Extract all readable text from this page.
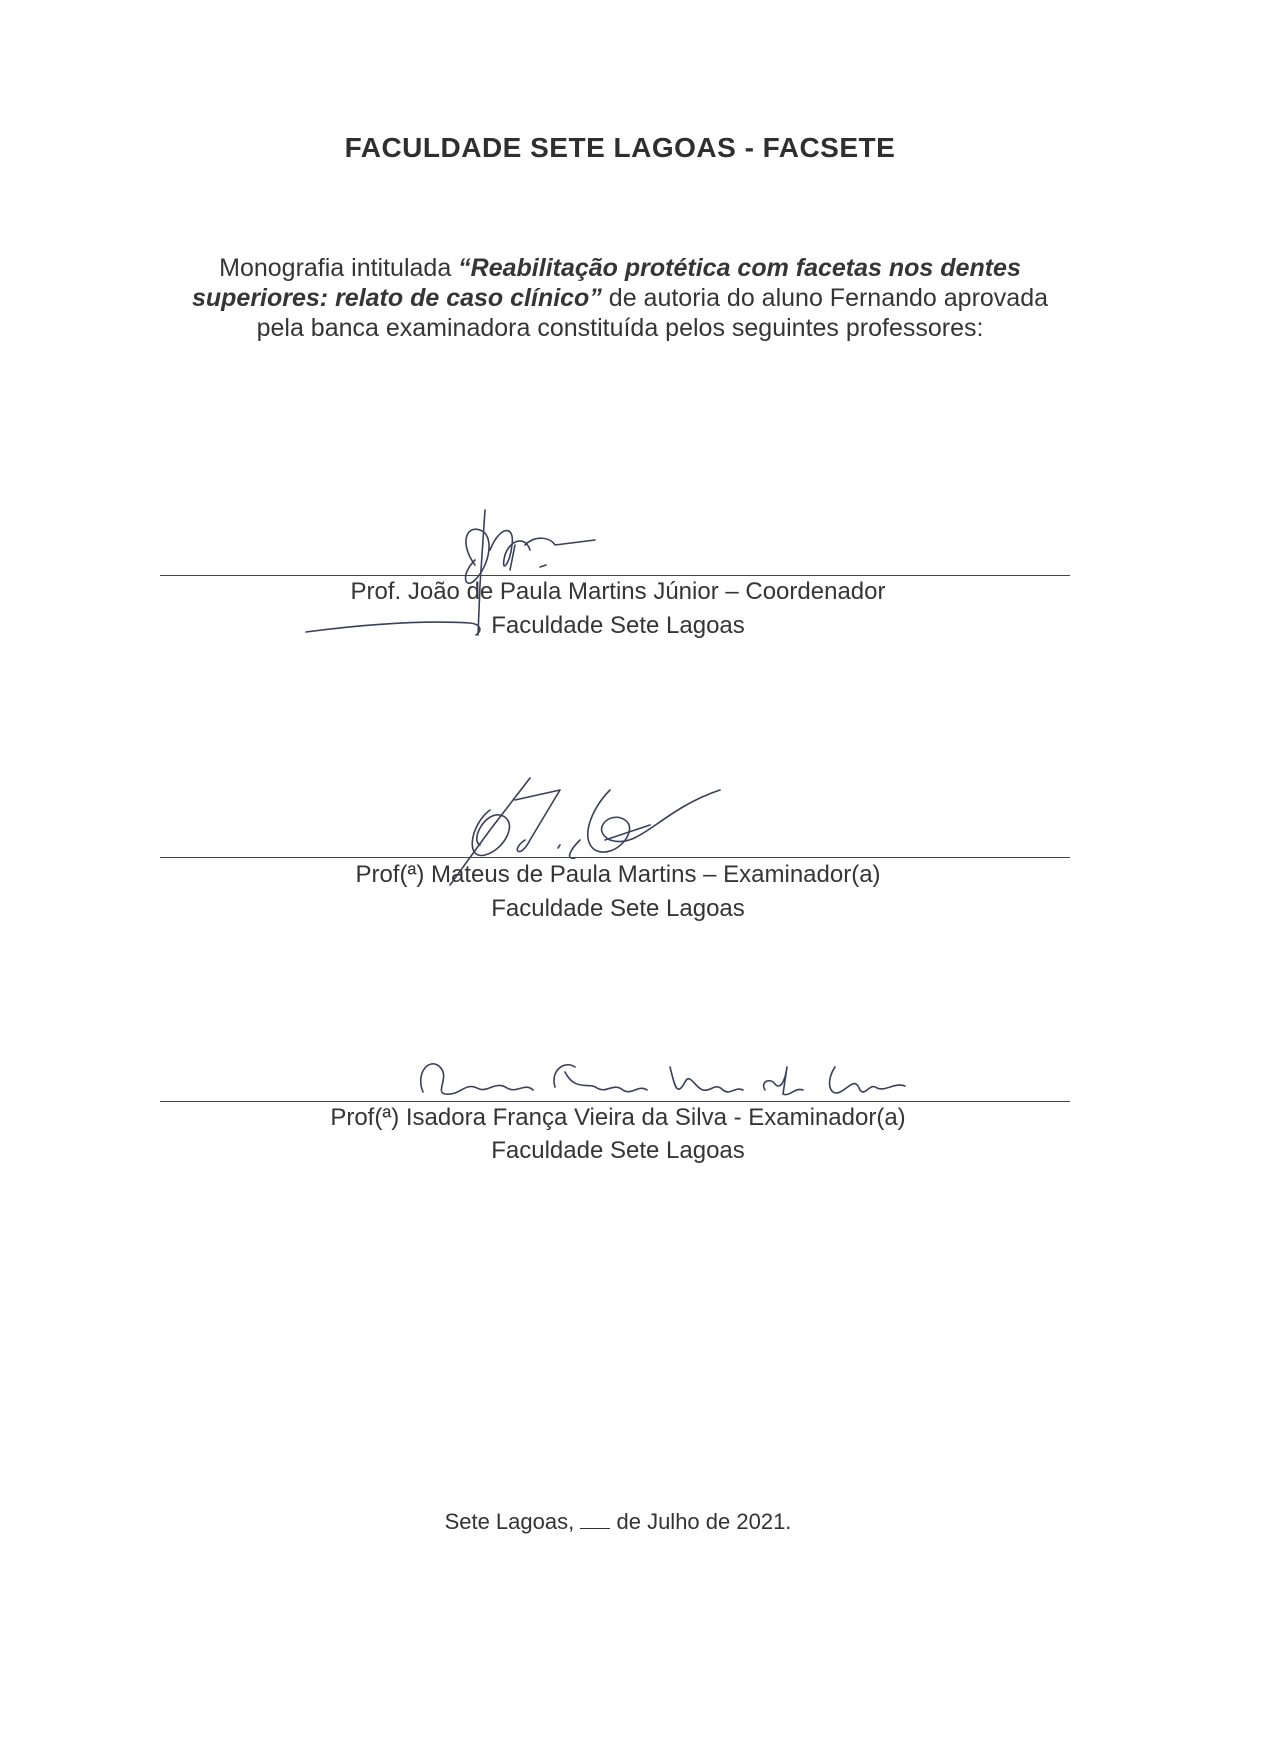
FACULDADE SETE LAGOAS - FACSETE
Monografia intitulada “Reabilitação protética com facetas nos dentes superiores: relato de caso clínico” de autoria do aluno Fernando aprovada pela banca examinadora constituída pelos seguintes professores:
Prof. João de Paula Martins Júnior – Coordenador
Faculdade Sete Lagoas
Prof(ª) Mateus de Paula Martins – Examinador(a)
Faculdade Sete Lagoas
Prof(ª) Isadora França Vieira da Silva - Examinador(a)
Faculdade Sete Lagoas
Sete Lagoas, de Julho de 2021.
